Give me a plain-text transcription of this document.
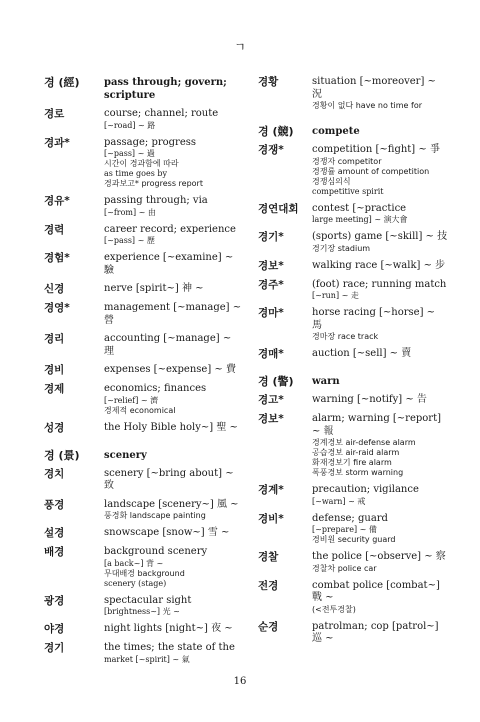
ㄱ
경 (經)	pass through; govern; scripture
경로	course; channel; route
[~road] ~ 路
경과*	passage; progress
[~pass] ~ 過
시간이 경과함에 따라
as time goes by
경과보고* progress report
경유*	passing through; via
[~from] ~ 由
경력	career record; experience
[~pass] ~ 歷
경험*	experience [~examine] ~ 驗
신경	nerve [spirit~] 神 ~
경영*	management [~manage] ~ 營
경리	accounting [~manage] ~ 理
경비	expenses [~expense] ~ 費
경제	economics; finances
[~relief] ~ 濟
경제적 economical
성경	the Holy Bible holy~] 聖 ~
경 (景)	scenery
경치	scenery [~bring about] ~ 致
풍경	landscape [scenery~] 風 ~
풍경화 landscape painting
설경	snowscape [snow~] 雪 ~
배경	background scenery
[a back~] 背 ~
무대배경 background
scenery (stage)
광경	spectacular sight
[brightness~] 光 ~
야경	night lights [night~] 夜 ~
경기	the times; the state of the
market [~spirit] ~ 氣
경황	situation [~moreover] ~ 況
경황이 없다 have no time for
경 (競)	compete
경쟁*	competition [~fight] ~ 爭
경쟁자 competitor
경쟁률 amount of competition
경쟁심의식
competitive spirit
경연대회	contest [~practice
large meeting] ~ 演大會
경기*	(sports) game [~skill] ~ 技
경기장 stadium
경보*	walking race [~walk] ~ 步
경주*	(foot) race; running match
[~run] ~ 走
경마*	horse racing [~horse] ~ 馬
경마장 race track
경매*	auction [~sell] ~ 賣
경 (警)	warn
경고*	warning [~notify] ~ 告
경보*	alarm; warning [~report] ~ 報
경계경보 air-defense alarm
공습경보 air-raid alarm
화재경보기 fire alarm
폭풍경보 storm warning
경계*	precaution; vigilance
[~warn] ~ 戒
경비*	defense; guard
[~prepare] ~ 備
경비원 security guard
경찰	the police [~observe] ~ 察
경찰차 police car
전경	combat police [combat~] 戰 ~
(<전투경찰)
순경	patrolman; cop [patrol~] 巡 ~
16
